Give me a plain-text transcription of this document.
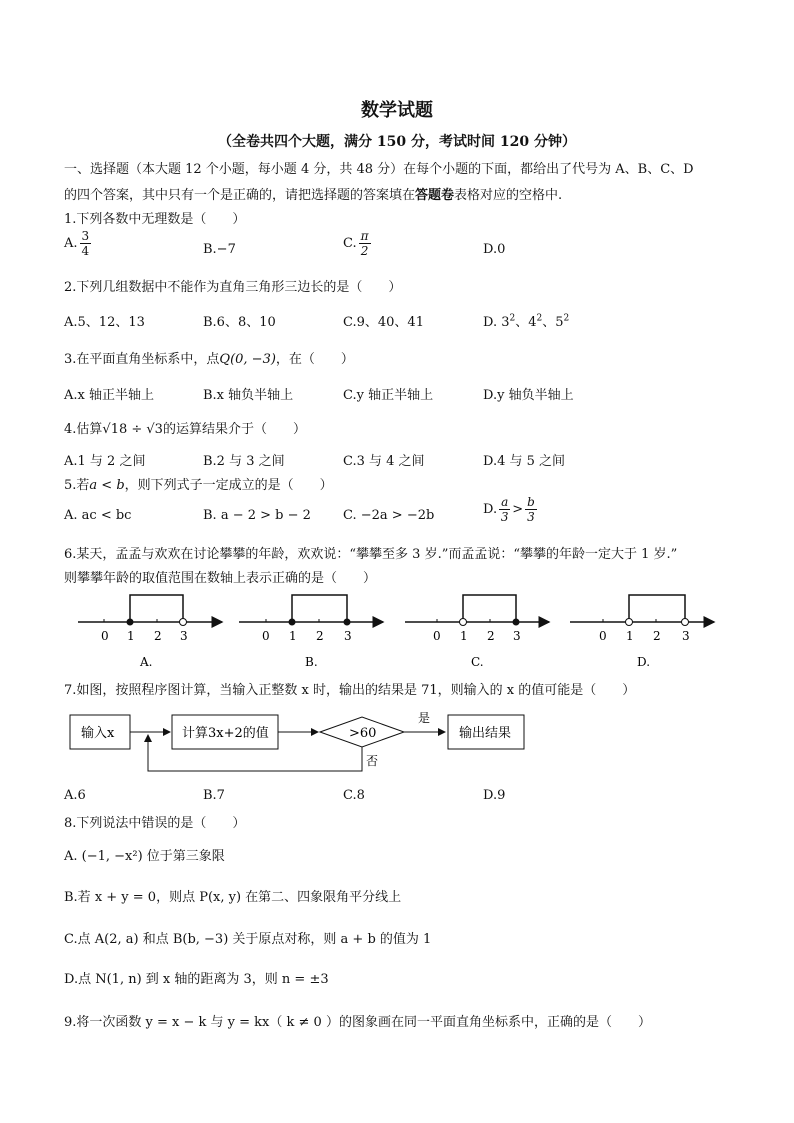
数学试题
（全卷共四个大题，满分 150 分，考试时间 120 分钟）
一、选择题（本大题 12 个小题，每小题 4 分，共 48 分）在每个小题的下面，都给出了代号为 A、B、C、D
的四个答案，其中只有一个是正确的，请把选择题的答案填在答题卷表格对应的空格中.
1.下列各数中无理数是（　　）
A. $\frac{3}{4}$	B.−7	C. $\frac{\pi}{2}$	D.0
2.下列几组数据中不能作为直角三角形三边长的是（　　）
A.5、12、13	B.6、8、10	C.9、40、41	D. $3^2$、$4^2$、$5^2$
3.在平面直角坐标系中，点Q(0, −3)，在（　　）
A.x 轴正半轴上	B.x 轴负半轴上	C.y 轴正半轴上	D.y 轴负半轴上
4.估算√18 ÷ √3的运算结果介于（　　）
A.1 与 2 之间	B.2 与 3 之间	C.3 与 4 之间	D.4 与 5 之间
5.若a < b，则下列式子一定成立的是（　　）
A. ac < bc	B. a − 2 > b − 2 C. −2a > −2b	D. $\frac{a}{3} > \frac{b}{3}$
6.某天，孟孟与欢欢在讨论攀攀的年龄，欢欢说：“攀攀至多 3 岁.”而孟孟说：“攀攀的年龄一定大于 1 岁.”
则攀攀年龄的取值范围在数轴上表示正确的是（　　）
0 1 2 3
A.
0 1 2 3
B.
0 1 2 3
C.
0 1 2 3
D.
7.如图，按照程序图计算，当输入正整数 x 时，输出的结果是 71，则输入的 x 的值可能是（　　）
输入x	计算3x+2的值	>60
是
输出结果
否
A.6	B.7	C.8	D.9
8.下列说法中错误的是（　　）
A. (−1, −x²) 位于第三象限
B.若 x + y = 0，则点 P(x, y) 在第二、四象限角平分线上
C.点 A(2, a) 和点 B(b, −3) 关于原点对称，则 a + b 的值为 1
D.点 N(1, n) 到 x 轴的距离为 3，则 n = ±3
9.将一次函数 y = x − k 与 y = kx（ k ≠ 0 ）的图象画在同一平面直角坐标系中，正确的是（　　）
